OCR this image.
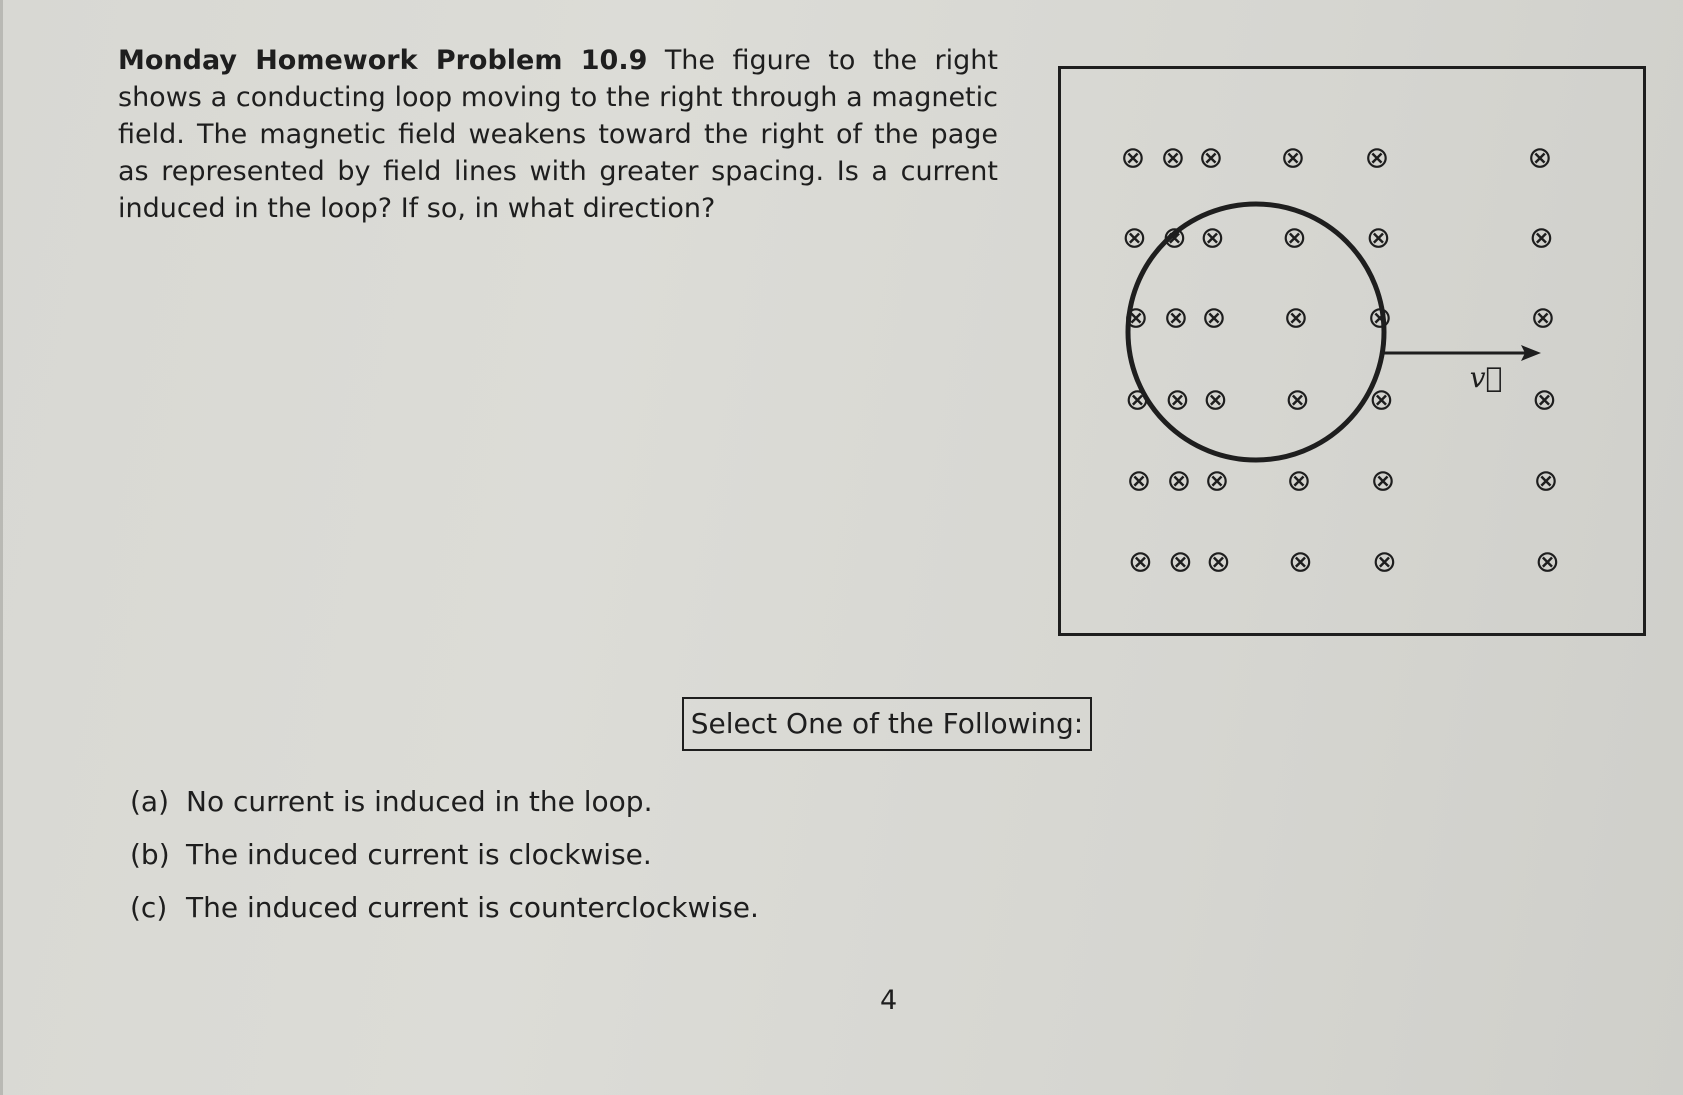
Monday Homework Problem 10.9 The figure to the right shows a conducting loop moving to the right through a magnetic field. The magnetic field weakens toward the right of the page as represented by field lines with greater spacing. Is a current induced in the loop? If so, in what direction?

⊗ ⊗ ⊗ ⊗ ⊗	⊗
⊗ ⊗ ⊗ ⊗ ⊗	⊗
⊗ ⊗ ⊗ ⊗ ⊗	⊗
⊗ ⊗ ⊗ ⊗ ⊗	⊗
⊗ ⊗ ⊗ ⊗ ⊗	⊗
⊗ ⊗ ⊗ ⊗ ⊗	⊗
v⃗
Select One of the Following:
(a) No current is induced in the loop.
(b) The induced current is clockwise.
(c) The induced current is counterclockwise.
4
